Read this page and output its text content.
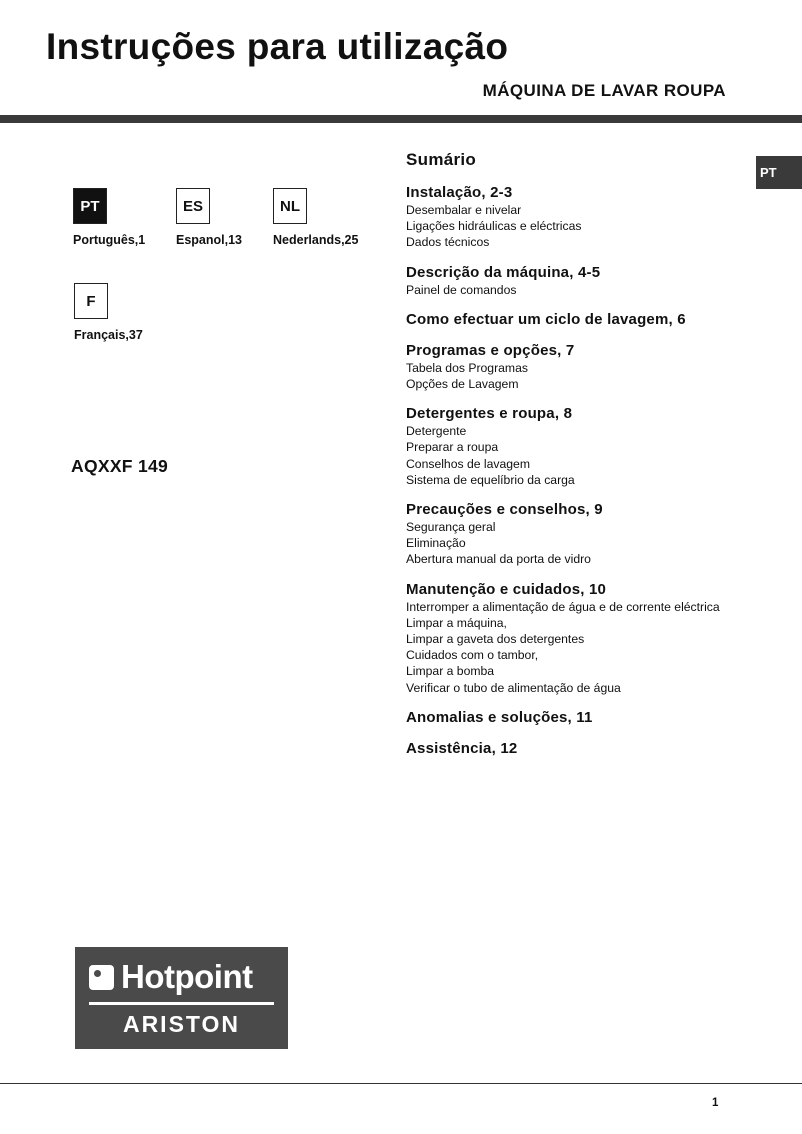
Instruções para utilização
MÁQUINA DE LAVAR ROUPA
PT
Português,1
ES
Espanol,13
NL
Nederlands,25
F
Français,37
AQXXF 149
Sumário
Instalação, 2-3
Desembalar e nivelar
Ligações hidráulicas e eléctricas
Dados técnicos
Descrição da máquina, 4-5
Painel de comandos
Como efectuar um ciclo de lavagem, 6
Programas e opções, 7
Tabela dos Programas
Opções de Lavagem
Detergentes e roupa, 8
Detergente
Preparar a roupa
Conselhos de lavagem
Sistema de equelíbrio da carga
Precauções e conselhos, 9
Segurança geral
Eliminação
Abertura manual da porta de vidro
Manutenção e cuidados, 10
Interromper a alimentação de água e de corrente eléctrica
Limpar a máquina,
Limpar a gaveta dos detergentes
Cuidados com o tambor,
Limpar a bomba
Verificar o tubo de alimentação de água
Anomalias e soluções, 11
Assistência, 12
PT
Hotpoint
ARISTON
1
